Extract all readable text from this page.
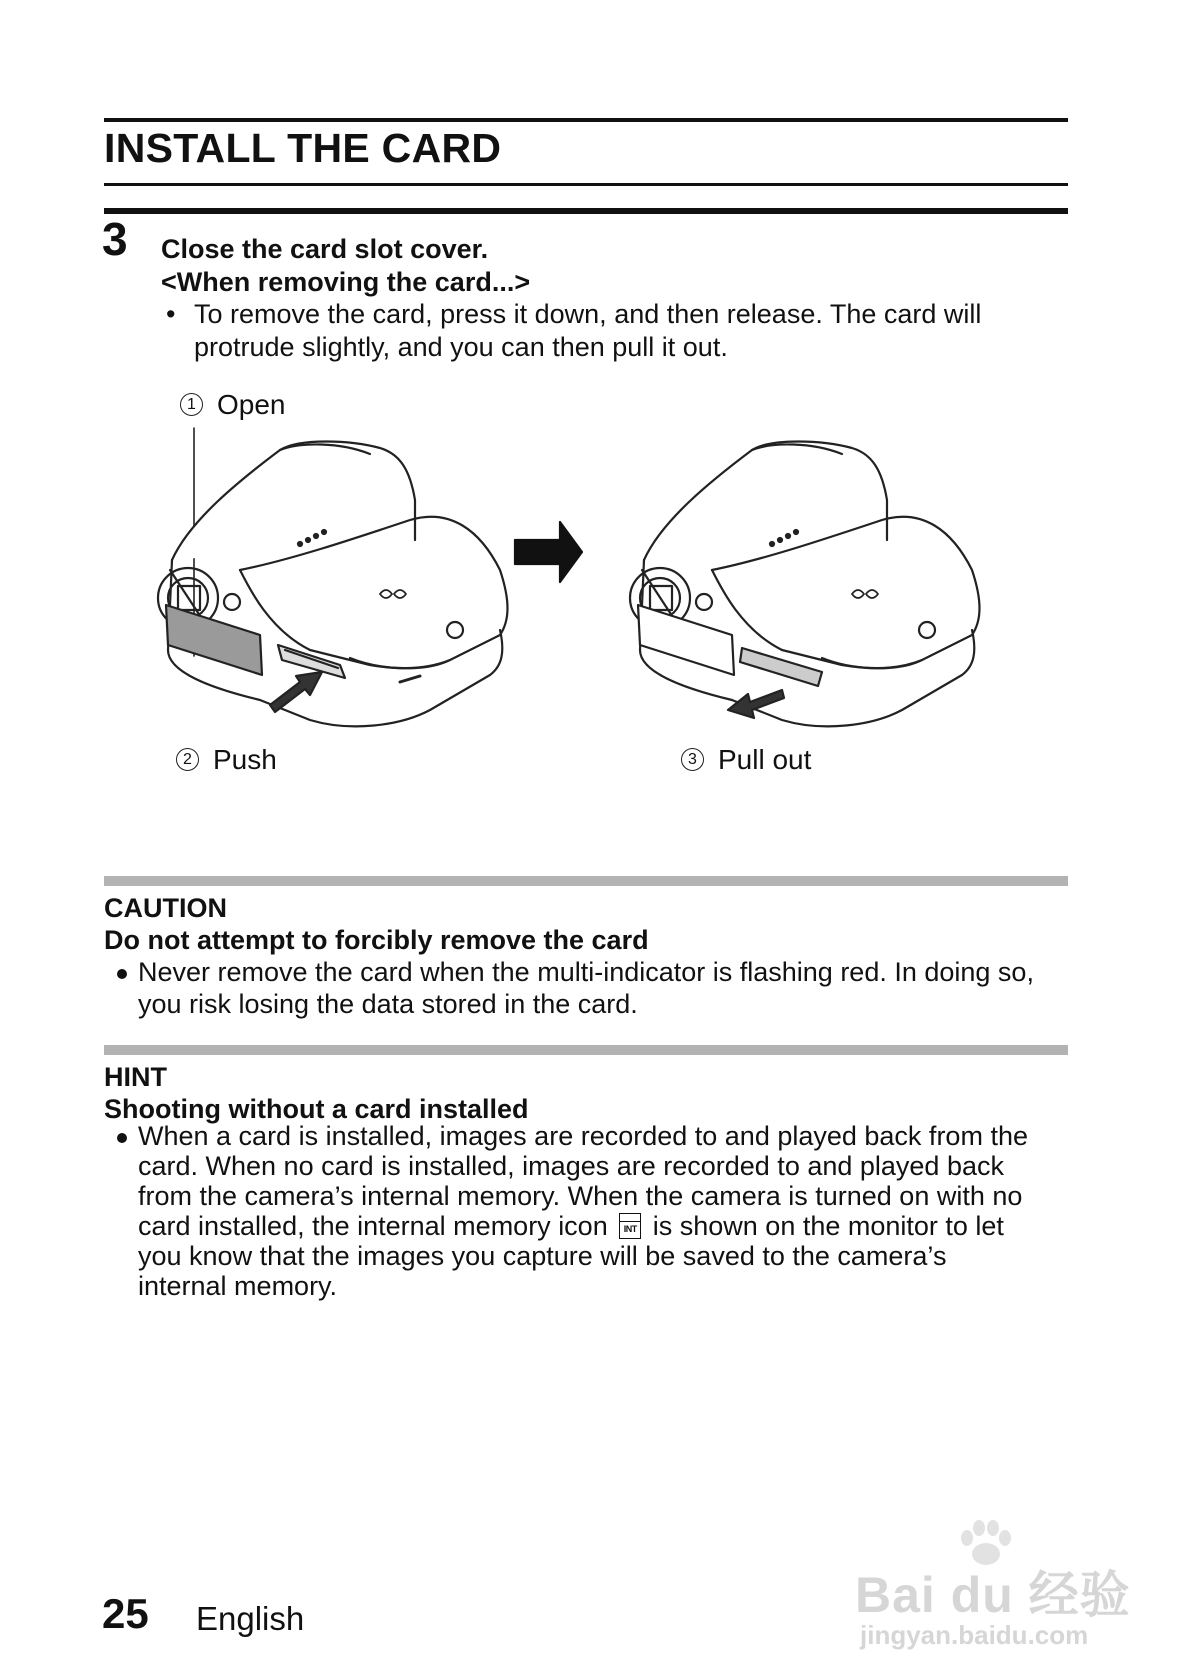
INSTALL THE CARD
3 Close the card slot cover.
<When removing the card...>
• To remove the card, press it down, and then release. The card will
protrude slightly, and you can then pull it out.
1 Open
2 Push	3 Pull out
CAUTION
Do not attempt to forcibly remove the card
Never remove the card when the multi-indicator is flashing red. In doing so,
you risk losing the data stored in the card.
HINT
Shooting without a card installed
When a card is installed, images are recorded to and played back from the
card. When no card is installed, images are recorded to and played back
from the camera’s internal memory. When the camera is turned on with no
card installed, the internal memory icon	INT is shown on the monitor to let
you know that the images you capture will be saved to the camera’s
internal memory.
25 English	Bai du 经验
jingyan.baidu.com
